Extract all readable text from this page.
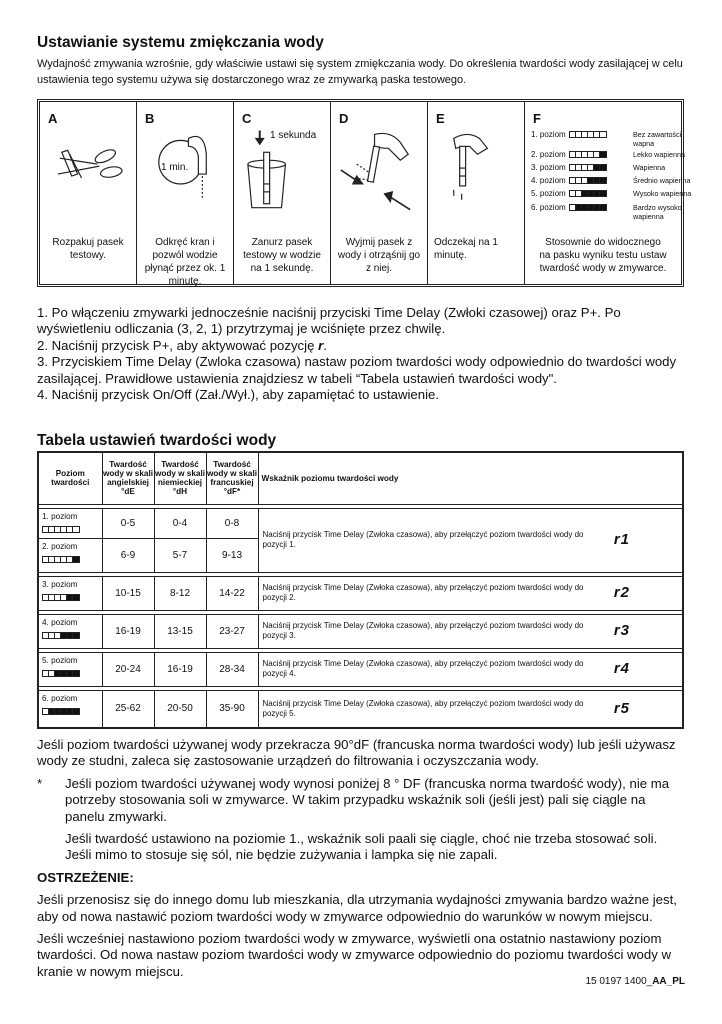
Ustawianie systemu zmiękczania wody
Wydajność zmywania wzrośnie, gdy właściwie ustawi się system zmiękczania wody. Do określenia twardości wody zasilającej w celu ustawienia tego systemu używa się dostarczonego wraz ze zmywarką paska testowego.
A
Rozpakuj pasek testowy.
B
1 min.
Odkręć kran i pozwól wodzie płynąć przez ok. 1 minutę.
C
1 sekunda
Zanurz pasek testowy w wodzie na 1 sekundę.
D
Wyjmij pasek z wody i otrząśnij go z niej.
E
Odczekaj na 1 minutę.
F
1. poziom	Bez zawartości wapna
2. poziom	Lekko wapienna
3. poziom	Wapienna
4. poziom	Średnio wapienna
5. poziom	Wysoko wapienna
6. poziom	Bardzo wysoko wapienna
Stosownie do widocznego na pasku wyniku testu ustaw twardość wody w zmywarce.

1. Po włączeniu zmywarki jednocześnie naciśnij przyciski Time Delay (Zwłoki czasowej) oraz P+. Po wyświetleniu odliczania (3, 2, 1) przytrzymaj je wciśnięte przez chwilę.

2. Naciśnij przycisk P+, aby aktywować pozycję r.

3. Przyciskiem Time Delay (Zwloka czasowa) nastaw poziom twardości wody odpowiednio do twardości wody zasilającej. Prawidłowe ustawienia znajdziesz w tabeli “Tabela ustawień twardości wody".

4. Naciśnij przycisk On/Off (Zał./Wył.), aby zapamiętać to ustawienie.

Tabela ustawień twardości wody
Poziom twardości	Twardość wody w skali angielskiej °dE	Twardość wody w skali niemieckiej °dH	Twardość wody w skali francuskiej °dF*	Wskaźnik poziomu twardości wody

1. poziom	0-5	0-4	0-8	Naciśnij przycisk Time Delay (Zwłoka czasowa), aby przełączyć poziom twardości wody do pozycji 1. r1

2. poziom	6-9	5-7	9-13	

3. poziom	10-15	8-12	14-22	Naciśnij przycisk Time Delay (Zwłoka czasowa), aby przełączyć poziom twardości wody do pozycji 2. r2

4. poziom	16-19	13-15	23-27	Naciśnij przycisk Time Delay (Zwłoka czasowa), aby przełączyć poziom twardości wody do pozycji 3. r3

5. poziom	20-24	16-19	28-34	Naciśnij przycisk Time Delay (Zwłoka czasowa), aby przełączyć poziom twardości wody do pozycji 4. r4

6. poziom	25-62	20-50	35-90	Naciśnij przycisk Time Delay (Zwłoka czasowa), aby przełączyć poziom twardości wody do pozycji 5. r5

Jeśli poziom twardości używanej wody przekracza 90°dF (francuska norma twardości wody) lub jeśli używasz wody ze studni, zaleca się zastosowanie urządzeń do filtrowania i oczyszczania wody.

*	Jeśli poziom twardości używanej wody wynosi poniżej 8 ° DF (francuska norma twardość wody), nie ma potrzeby stosowania soli w zmywarce. W takim przypadku wskaźnik soli (jeśli jest) pali się ciągle na panelu zmywarki.

Jeśli twardość ustawiono na poziomie 1., wskaźnik soli paali się ciągle, choć nie trzeba stosować soli. Jeśli mimo to stosuje się sól, nie będzie zużywania i lampka się nie zapali.

OSTRZEŻENIE:

Jeśli przenosisz się do innego domu lub mieszkania, dla utrzymania wydajności zmywania bardzo ważne jest, aby od nowa nastawić poziom twardości wody w zmywarce odpowiednio do warunków w nowym miejscu.

Jeśli wcześniej nastawiono poziom twardości wody w zmywarce, wyświetli ona ostatnio nastawiony poziom twardości. Od nowa nastaw poziom twardości wody w zmywarce odpowiednio do poziomu twardości wody w kranie w nowym miejscu.

15 0197 1400_AA_PL
